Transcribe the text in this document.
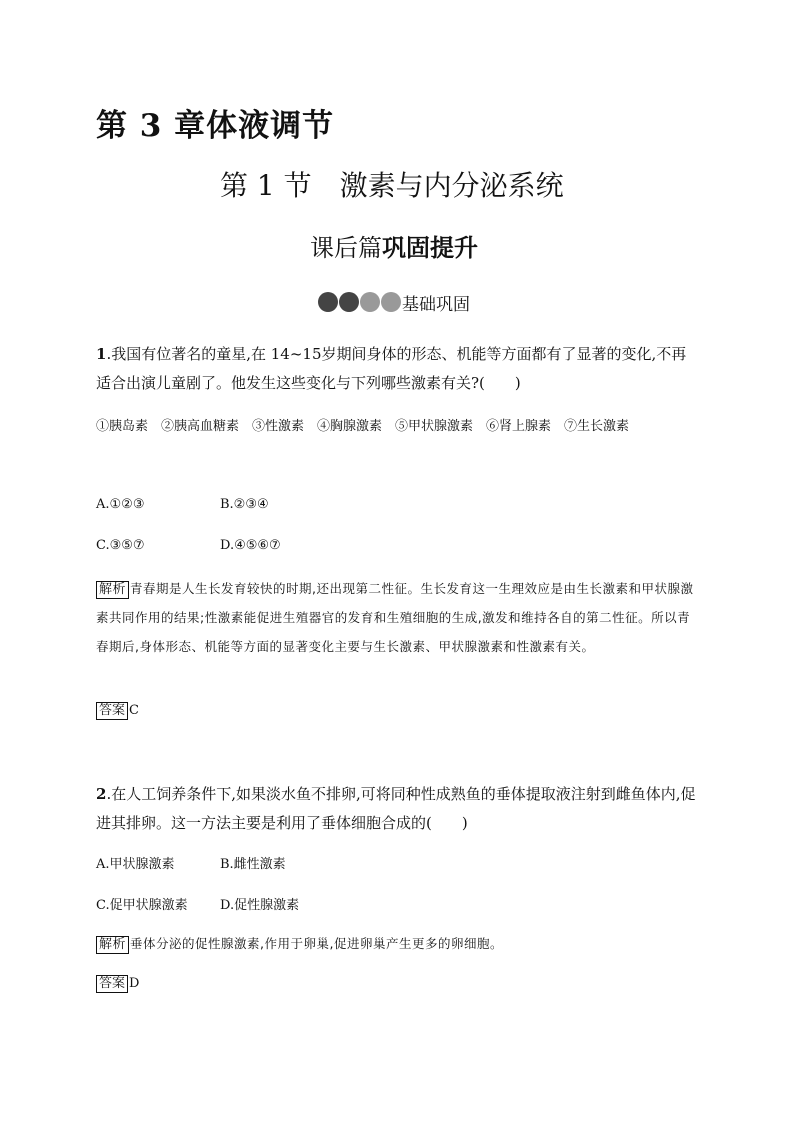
第 3 章体液调节
第 1 节　激素与内分泌系统
课后篇巩固提升
基础巩固
1.我国有位著名的童星,在 14~15岁期间身体的形态、机能等方面都有了显著的变化,不再适合出演儿童剧了。他发生这些变化与下列哪些激素有关?(　　)
①胰岛素　②胰高血糖素　③性激素　④胸腺激素　⑤甲状腺激素　⑥肾上腺素　⑦生长激素
A.①②③	B.②③④
C.③⑤⑦	D.④⑤⑥⑦
解析 青春期是人生长发育较快的时期,还出现第二性征。生长发育这一生理效应是由生长激素和甲状腺激素共同作用的结果;性激素能促进生殖器官的发育和生殖细胞的生成,激发和维持各自的第二性征。所以青春期后,身体形态、机能等方面的显著变化主要与生长激素、甲状腺激素和性激素有关。
答案 C
2.在人工饲养条件下,如果淡水鱼不排卵,可将同种性成熟鱼的垂体提取液注射到雌鱼体内,促进其排卵。这一方法主要是利用了垂体细胞合成的(　　)
A.甲状腺激素	B.雌性激素
C.促甲状腺激素 D.促性腺激素
解析 垂体分泌的促性腺激素,作用于卵巢,促进卵巢产生更多的卵细胞。
答案 D
